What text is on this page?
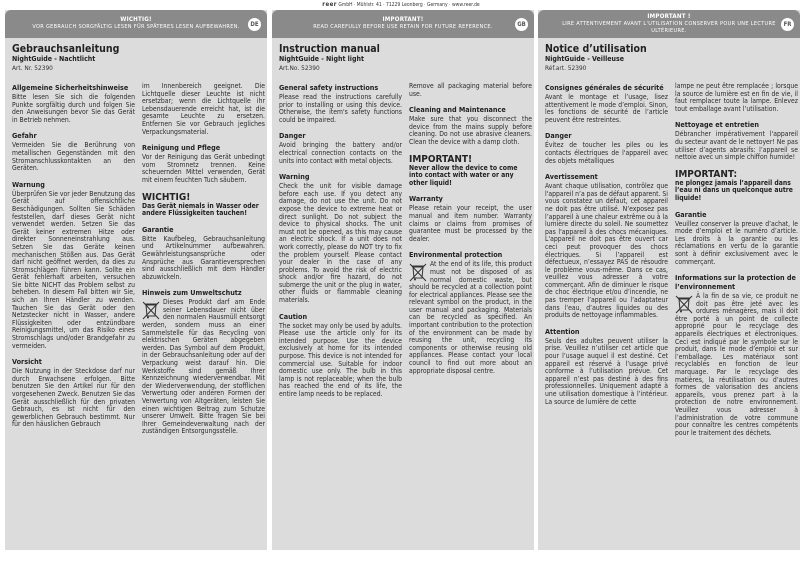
reer GmbH · Mühlstr. 41 · 71229 Leonberg · Germany · www.reer.de
WICHTIG!
VOR GEBRAUCH SORGFÄLTIG LESEN FÜR SPÄTERES LESEN AUFBEWAHREN.	DE
Gebrauchsanleitung
NightGuide - Nachtlicht
Art. Nr. 52390
Allgemeine Sicherheitshinweise

Bitte lesen Sie sich die folgenden Punkte sorgfältig durch und folgen Sie den Anweisungen bevor Sie das Gerät in Betrieb nehmen.

Gefahr

Vermeiden Sie die Berührung von metallischen Gegenständen mit den Stromanschlusskontakten an den Geräten.

Warnung

Überprüfen Sie vor jeder Benutzung das Gerät auf offensichtliche Beschädigungen. Sollten Sie Schäden feststellen, darf dieses Gerät nicht verwendet werden. Setzen Sie das Gerät keiner extremen Hitze oder direkter Sonneneinstrahlung aus. Setzen Sie das Geräte keinen mechanischen Stößen aus. Das Gerät darf nicht geöffnet werden, da dies zu Stromschlägen führen kann. Sollte ein Gerät fehlerhaft arbeiten, versuchen Sie bitte NICHT das Problem selbst zu beheben. In diesem Fall bitten wir Sie, sich an Ihren Händler zu wenden. Tauchen Sie das Gerät oder den Netzstecker nicht in Wasser, andere Flüssigkeiten oder entzündbare Reinigungsmittel, um das Risiko eines Stromschlags und/oder Brandgefahr zu vermeiden.

Vorsicht

Die Nutzung in der Steckdose darf nur durch Erwachsene erfolgen. Bitte benutzen Sie den Artikel nur für den vorgesehenen Zweck. Benutzen Sie das Gerät ausschließlich für den privaten Gebrauch, es ist nicht für den gewerblichen Gebrauch bestimmt. Nur für den häuslichen Gebrauch

im Innenbereich geeignet. Die Lichtquelle dieser Leuchte ist nicht ersetzbar; wenn die Lichtquelle ihr Lebensdauerende erreicht hat, ist die gesamte Leuchte zu ersetzen. Entfernen Sie vor Gebrauch jegliches Verpackungsmaterial.

Reinigung und Pflege

Vor der Reinigung das Gerät unbedingt vom Stromnetz trennen. Keine scheuernden Mittel verwenden, Gerät mit einem feuchten Tuch säubern.

WICHTIG!
Das Gerät niemals in Wasser oder andere Flüssigkeiten tauchen!
Garantie

Bitte Kaufbeleg, Gebrauchsanleitung und Artikelnummer aufbewahren. Gewährleistungsansprüche oder Ansprüche aus Garantieversprechen sind ausschließlich mit dem Händler abzuwickeln.

Hinweis zum Umweltschutz

Dieses Produkt darf am Ende seiner Lebensdauer nicht über den normalen Hausmüll entsorgt werden, sondern muss an einer Sammelstelle für das Recycling von elektrischen Geräten abgegeben werden. Das Symbol auf dem Produkt, in der Gebrauchsanleitung oder auf der Verpackung weist darauf hin. Die Werkstoffe sind gemäß Ihrer Kennzeichnung wiederverwendbar. Mit der Wiederverwendung, der stofflichen Verwertung oder anderen Formen der Verwertung von Altgeräten, leisten Sie einen wichtigen Beitrag zum Schutze unserer Umwelt. Bitte fragen Sie bei Ihrer Gemeindeverwaltung nach der zuständigen Entsorgungsstelle.

IMPORTANT!
READ CAREFULLY BEFORE USE RETAIN FOR FUTURE REFERENCE.	GB
Instruction manual
NightGuide - Night light
Art.No. 52390
General safety instructions

Please read the instructions carefully prior to installing or using this device. Otherwise, the item's safety functions could be impaired.

Danger

Avoid bringing the battery and/or electrical connection contacts on the units into contact with metal objects.

Warning

Check the unit for visible damage before each use. If you detect any damage, do not use the unit. Do not expose the device to extreme heat or direct sunlight. Do not subject the device to physical shocks. The unit must not be opened, as this may cause an electric shock. If a unit does not work correctly, please do NOT try to fix the problem yourself. Please contact your dealer in the case of any problems. To avoid the risk of electric shock and/or fire hazard, do not submerge the unit or the plug in water, other fluids or flammable cleaning materials.

Caution

The socket may only be used by adults. Please use the article only for its intended purpose. Use the device exclusively at home for its intended purpose. This device is not intended for commercial use. Suitable for indoor domestic use only. The bulb in this lamp is not replaceable; when the bulb has reached the end of its life, the entire lamp needs to be replaced.

Remove all packaging material before use.

Cleaning and Maintenance

Make sure that you disconnect the device from the mains supply before cleaning. Do not use abrasive cleaners. Clean the device with a damp cloth.

IMPORTANT!
Never allow the device to come into contact with water or any other liquid!
Warranty

Please retain your receipt, the user manual and item number. Warranty claims or claims from promises of guarantee must be processed by the dealer.

Environmental protection

At the end of its life, this product must not be disposed of as normal domestic waste, but should be recycled at a collection point for electrical appliances. Please see the relevant symbol on the product, in the user manual and packaging. Materials can be recycled as specified. An important contribution to the protection of the environment can be made by reusing the unit, recycling its components or otherwise reusing old appliances. Please contact your local council to find out more about an appropriate disposal centre.

IMPORTANT !
LIRE ATTENTIVEMENT AVANT L'UTILISATION CONSERVER POUR UNE LECTURE ULTÉRIEURE.
FR
Notice d’utilisation
NightGuide - Veilleuse
Réf.art. 52390
Consignes générales de sécurité

Avant le montage et l’usage, lisez attentivement le mode d’emploi. Sinon, les fonctions de sécurité de l’article peuvent être restreintes.

Danger

Évitez de toucher les piles ou les contacts électriques de l'appareil avec des objets métalliques

Avertissement

Avant chaque utilisation, contrôlez que l'appareil n’a pas de défaut apparent. Si vous constatez un défaut, cet appareil ne doit pas être utilisé. N’exposez pas l’appareil à une chaleur extrême ou à la lumière directe du soleil. Ne soumettez pas l'appareil à des chocs mécaniques. L'appareil ne doit pas être ouvert car ceci peut provoquer des chocs électriques. Si l’appareil est défectueux, n’essayez PAS de résoudre le problème vous-même. Dans ce cas, veuillez vous adresser à votre commerçant. Afin de diminuer le risque de choc électrique et/ou d’incendie, ne pas tremper l’appareil ou l’adaptateur dans l’eau, d’autres liquides ou des produits de nettoyage inflammables.

Attention

Seuls des adultes peuvent utiliser la prise. Veuillez n’utiliser cet article que pour l’usage auquel il est destiné. Cet appareil est réservé à l’usage privé conforme à l’utilisation prévue. Cet appareil n’est pas destiné à des fins professionnelles. Uniquement adapté à une utilisation domestique à l’intérieur. La source de lumière de cette

lampe ne peut être remplacée ; lorsque la source de lumière est en fin de vie, il faut remplacer toute la lampe. Enlevez tout emballage avant l’utilisation.

Nettoyage et entretien

Débrancher impérativement l'appareil du secteur avant de le nettoyer! Ne pas utiliser d’agents abrasifs: l’appareil se nettoie avec un simple chiffon humide!

IMPORTANT:
ne plongez jamais l’appareil dans l’eau ni dans un quelconque autre liquide!
Garantie

Veuillez conserver la preuve d’achat, le mode d’emploi et le numéro d’article. Les droits à la garantie ou les réclamations en vertu de la garantie sont à définir exclusivement avec le commerçant.

Informations sur la protection de l’environnement

À la fin de sa vie, ce produit ne doit pas être jeté avec les ordures ménagères, mais il doit être porté à un point de collecte approprié pour le recyclage des appareils électriques et électroniques. Ceci est indiqué par le symbole sur le produit, dans le mode d’emploi et sur l’emballage. Les matériaux sont recyclables en fonction de leur marquage. Par le recyclage des matières, la réutilisation ou d’autres formes de valorisation des anciens appareils, vous prenez part à la protection de notre environnement. Veuillez vous adresser à l’administration de votre commune pour connaître les centres compétents pour le traitement des déchets.
